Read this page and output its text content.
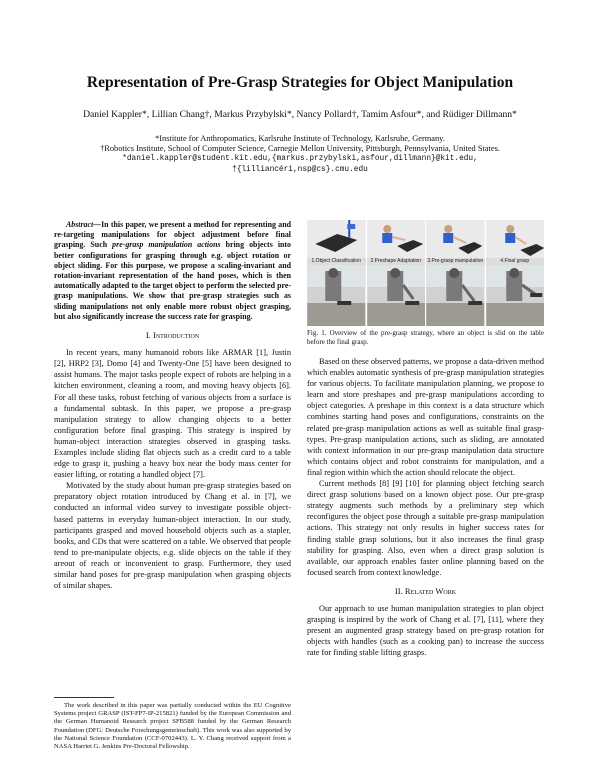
Representation of Pre-Grasp Strategies for Object Manipulation
Daniel Kappler*, Lillian Chang†, Markus Przybylski*, Nancy Pollard†, Tamim Asfour*, and Rüdiger Dillmann*
*Institute for Anthropomatics, Karlsruhe Institute of Technology, Karlsruhe, Germany.
†Robotics Institute, School of Computer Science, Carnegie Mellon University, Pittsburgh, Pennsylvania, United States.
*daniel.kappler@student.kit.edu,{markus.przybylski,asfour,dillmann}@kit.edu,
†{lilliancéri,nsp@cs}.cmu.edu
Abstract—In this paper, we present a method for representing and re-targeting manipulations for object adjustment before final grasping. Such pre-grasp manipulation actions bring objects into better configurations for grasping through e.g. object rotation or object sliding. For this purpose, we propose a scaling-invariant and rotation-invariant representation of the hand poses, which is then automatically adapted to the target object to perform the selected pre-grasp manipulations. We show that pre-grasp strategies such as sliding manipulations not only enable more robust object grasping, but also significantly increase the success rate for grasping.
I. Introduction

In recent years, many humanoid robots like ARMAR [1], Justin [2], HRP2 [3], Domo [4] and Twenty-One [5] have been designed to assist humans. The major tasks people expect of robots are helping in a kitchen environment, cleaning a room, and moving heavy objects [6]. For all these tasks, robust fetching of various objects from a surface is a fundamental subtask. In this paper, we propose a pre-grasp manipulation strategy to allow changing objects to a better configuration before final grasping. This strategy is inspired by human-object interaction strategies observed in grasping tasks. Examples include sliding flat objects such as a credit card to a table edge to grasp it, pushing a heavy box near the body mass center for easier lifting, or rotating a handled object [7].

Motivated by the study about human pre-grasp strategies based on preparatory object rotation introduced by Chang et al. in [7], we conducted an informal video survey to investigate possible object-based patterns in everyday human-object interaction. In our study, participants grasped and moved household objects such as a stapler, books, and CDs that were scattered on a table. We observed that people tend to pre-manipulate objects, e.g. slide objects on the table if they areout of reach or inconvenient to grasp. Furthermore, they used similar hand poses for pre-grasp manipulation when grasping objects of similar shapes.

The work described in this paper was partially conducted within the EU Cognitive Systems project GRASP (IST-FP7-IP-215821) funded by the European Commission and the German Humanoid Research project SFB588 funded by the German Research Foundation (DFG: Deutsche Forschungsgemeinschaft). This work was also supported by the National Science Foundation (CCF-0702443). L. Y. Chang received support from a NASA Harriet G. Jenkins Pre-Doctoral Fellowship.
1.Object Classification	2.Preshape Adaptation	3.Pre-grasp manipulation	4.Final grasp
Fig. 1. Overview of the pre-grasp strategy, where an object is slid on the table before the final grasp.

Based on these observed patterns, we propose a data-driven method which enables automatic synthesis of pre-grasp manipulation strategies for various objects. To facilitate manipulation planning, we propose to learn and store preshapes and pre-grasp manipulations according to object categories. A preshape in this context is a data structure which combines starting hand poses and configurations, constraints on the related pre-grasp manipulation actions as well as suitable final grasp-types. Pre-grasp manipulation actions, such as sliding, are annotated with context information in our pre-grasp manipulation data structure which contains object and robot constraints for manipulation, and a final region within which the action should relocate the object.

Current methods [8] [9] [10] for planning object fetching search direct grasp solutions based on a known object pose. Our pre-grasp strategy augments such methods by a preliminary step which reconfigures the object pose through a suitable pre-grasp manipulation actions. This strategy not only results in higher success rates for finding stable grasp solutions, but it also increases the final grasp stability for grasping. Also, even when a direct grasp solution is available, our approach enables faster online planning based on the focused search from context knowledge.

II. Related Work

Our approach to use human manipulation strategies to plan object grasping is inspired by the work of Chang et al. [7], [11], where they present an augmented grasp strategy based on pre-grasp rotation for objects with handles (such as a cooking pan) to increase the success rate for finding stable lifting grasps.
